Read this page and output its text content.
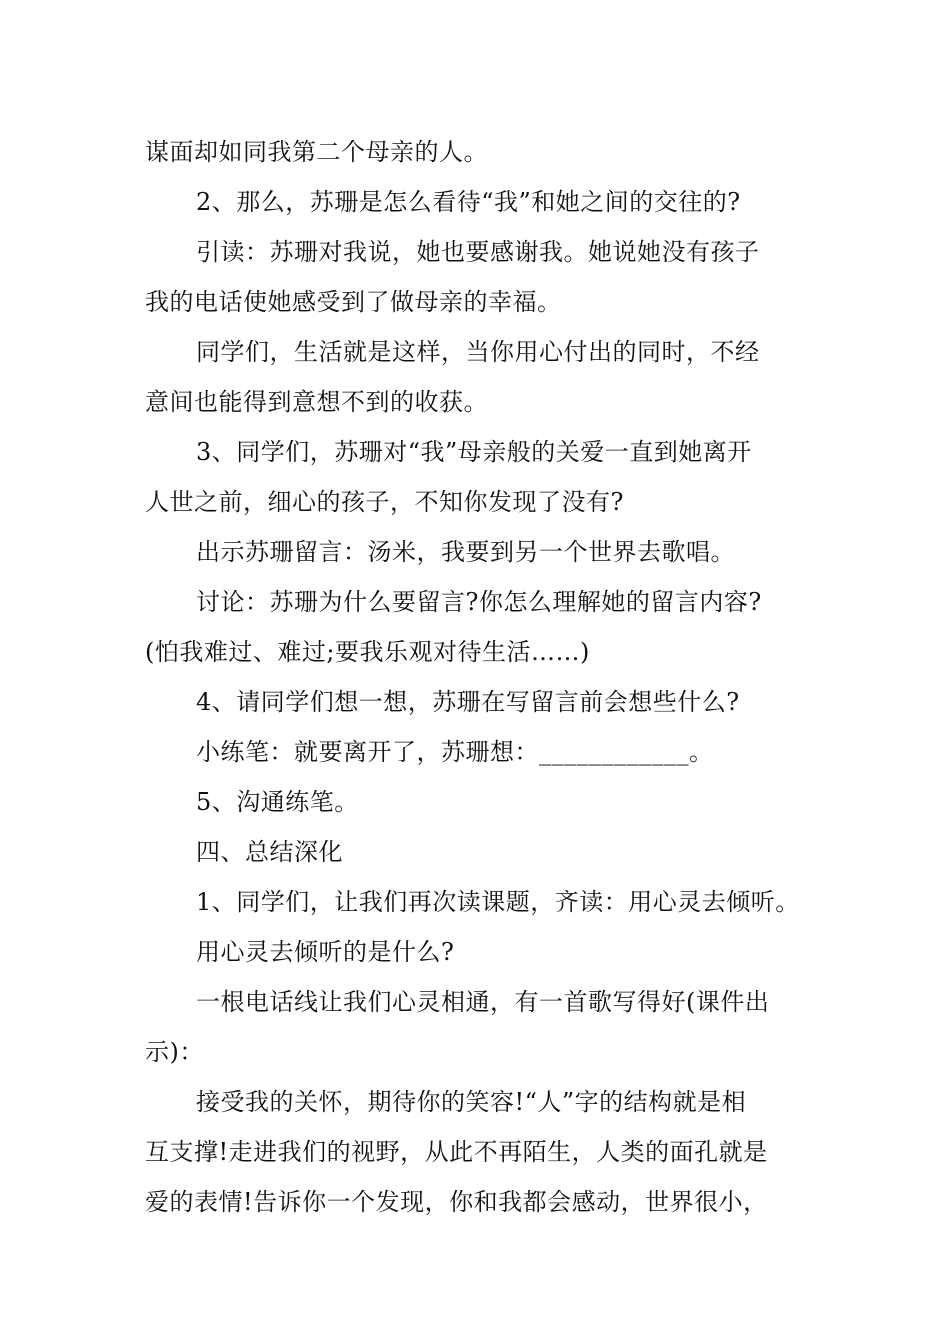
谋面却如同我第二个母亲的人。
2、那么，苏珊是怎么看待“我”和她之间的交往的?
引读：苏珊对我说，她也要感谢我。她说她没有孩子
我的电话使她感受到了做母亲的幸福。
同学们，生活就是这样，当你用心付出的同时，不经
意间也能得到意想不到的收获。
3、同学们，苏珊对“我”母亲般的关爱一直到她离开
人世之前，细心的孩子，不知你发现了没有?
出示苏珊留言：汤米，我要到另一个世界去歌唱。
讨论：苏珊为什么要留言?你怎么理解她的留言内容?
(怕我难过、难过;要我乐观对待生活……)
4、请同学们想一想，苏珊在写留言前会想些什么?
小练笔：就要离开了，苏珊想：____________。
5、沟通练笔。
四、总结深化
1、同学们，让我们再次读课题，齐读：用心灵去倾听。
用心灵去倾听的是什么?
一根电话线让我们心灵相通，有一首歌写得好(课件出
示)：
接受我的关怀，期待你的笑容!“人”字的结构就是相
互支撑!走进我们的视野，从此不再陌生，人类的面孔就是
爱的表情!告诉你一个发现，你和我都会感动，世界很小，
